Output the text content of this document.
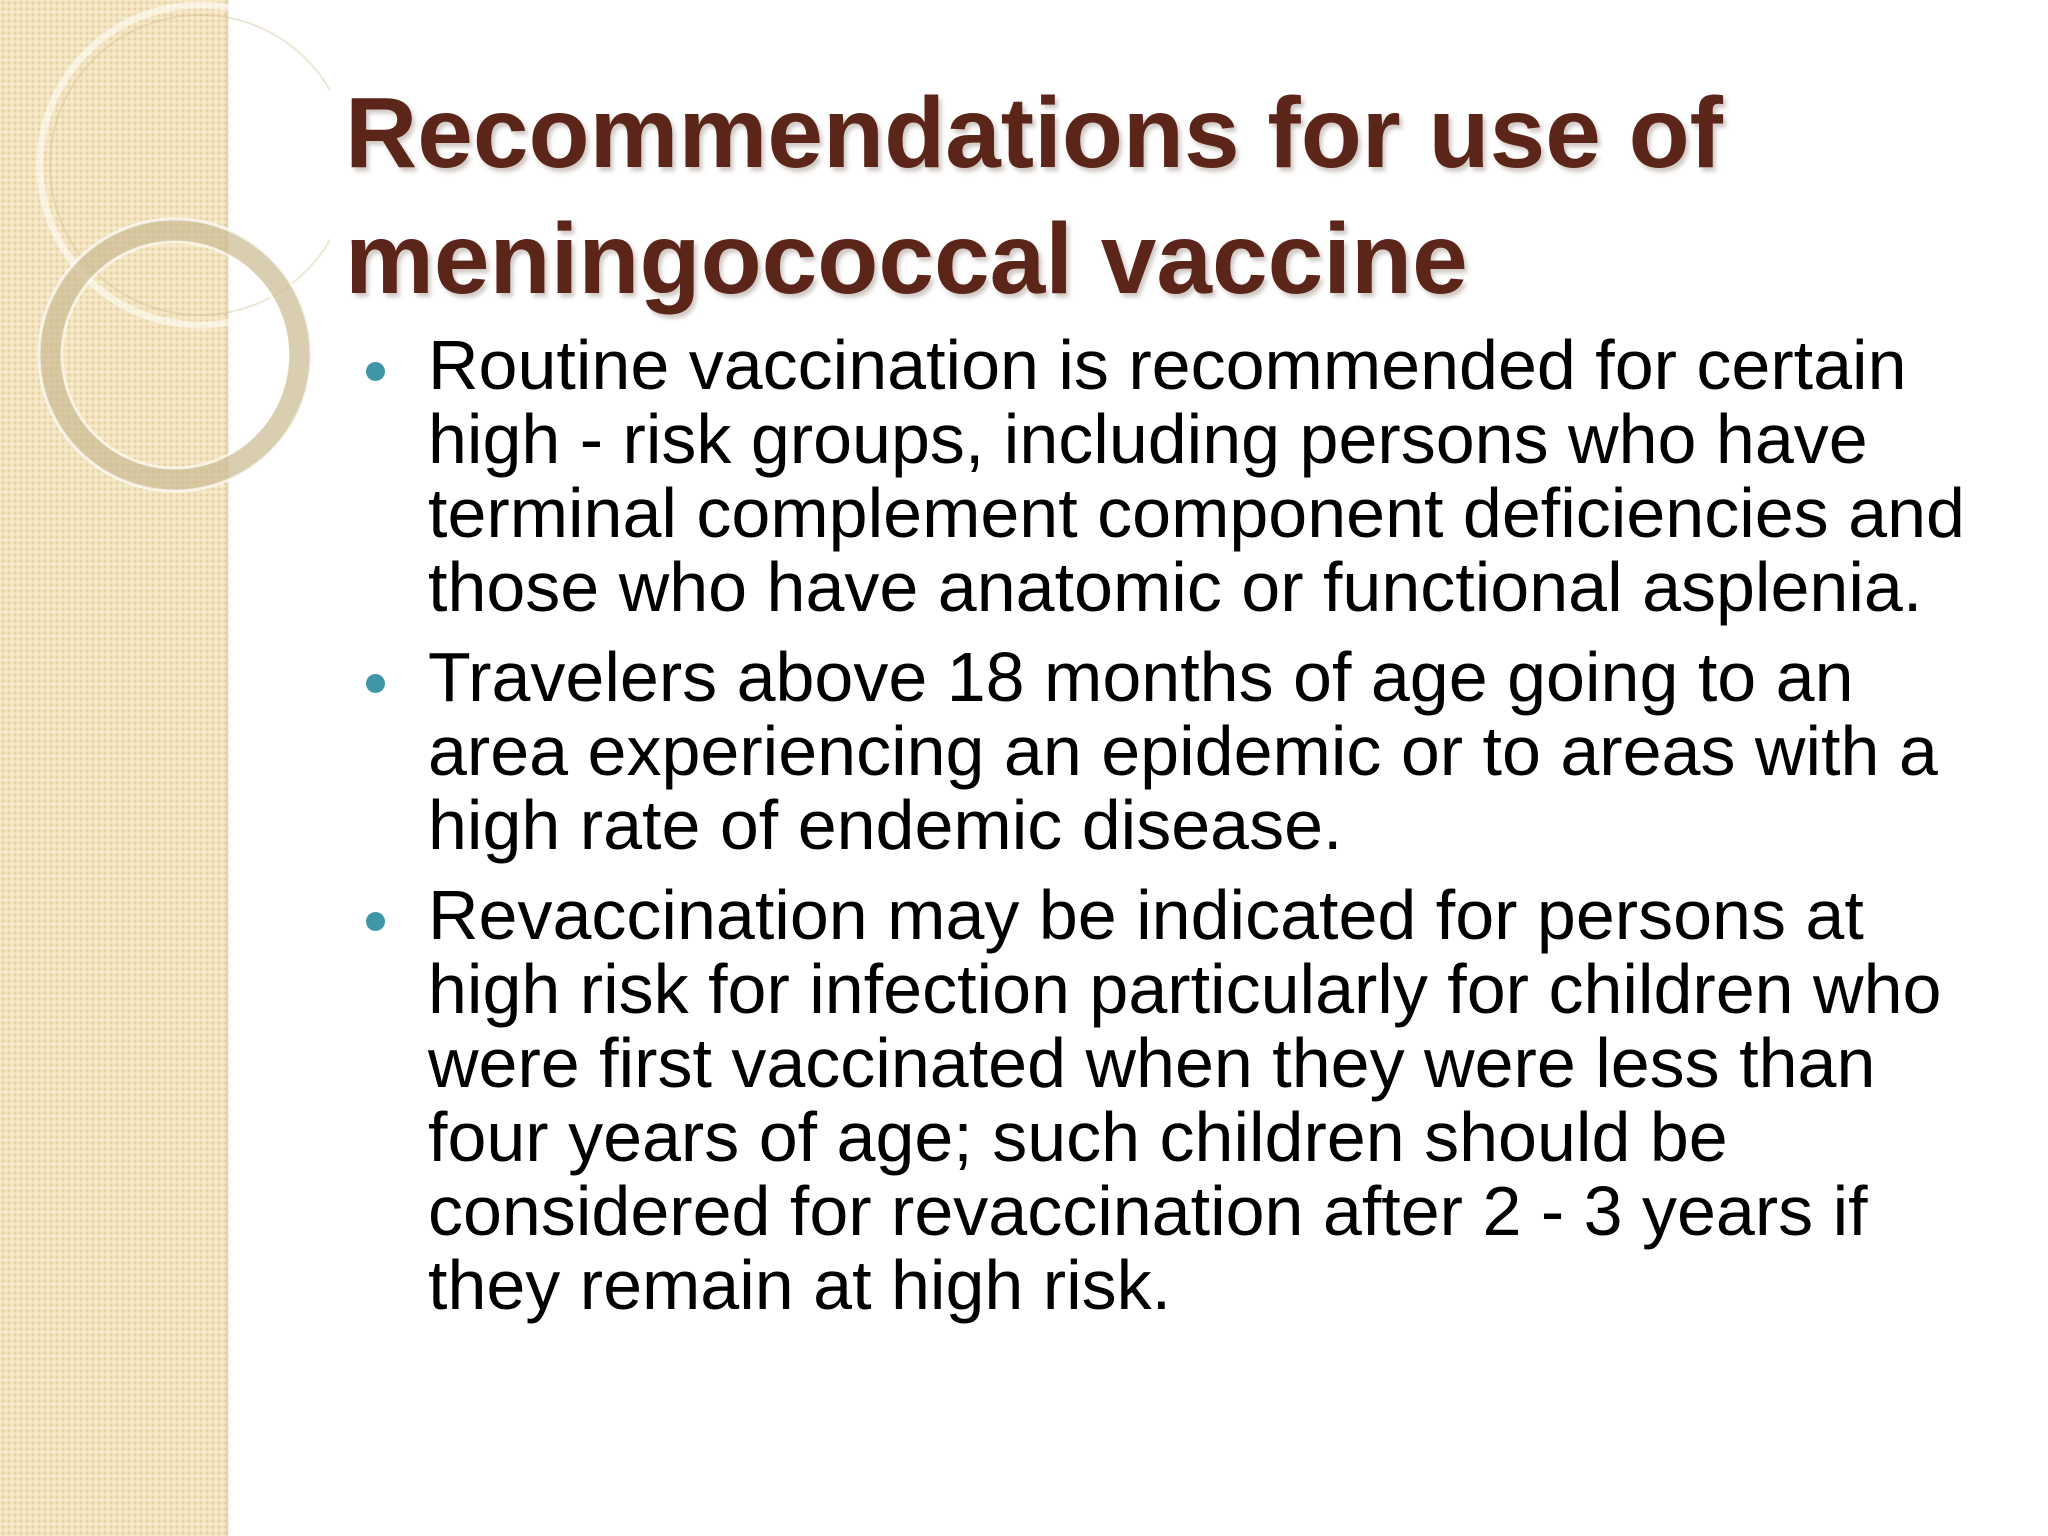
Recommendations for use of meningococcal vaccine
Routine vaccination is recommended for certain high - risk groups, including persons who have terminal complement component deficiencies and those who have anatomic or functional asplenia.
Travelers above 18 months of age going to an area experiencing an epidemic or to areas with a high rate of endemic disease.
Revaccination may be indicated for persons at high risk for infection particularly for children who were first vaccinated when they were less than four years of age; such children should be considered for revaccination after 2 - 3 years if they remain at high risk.
